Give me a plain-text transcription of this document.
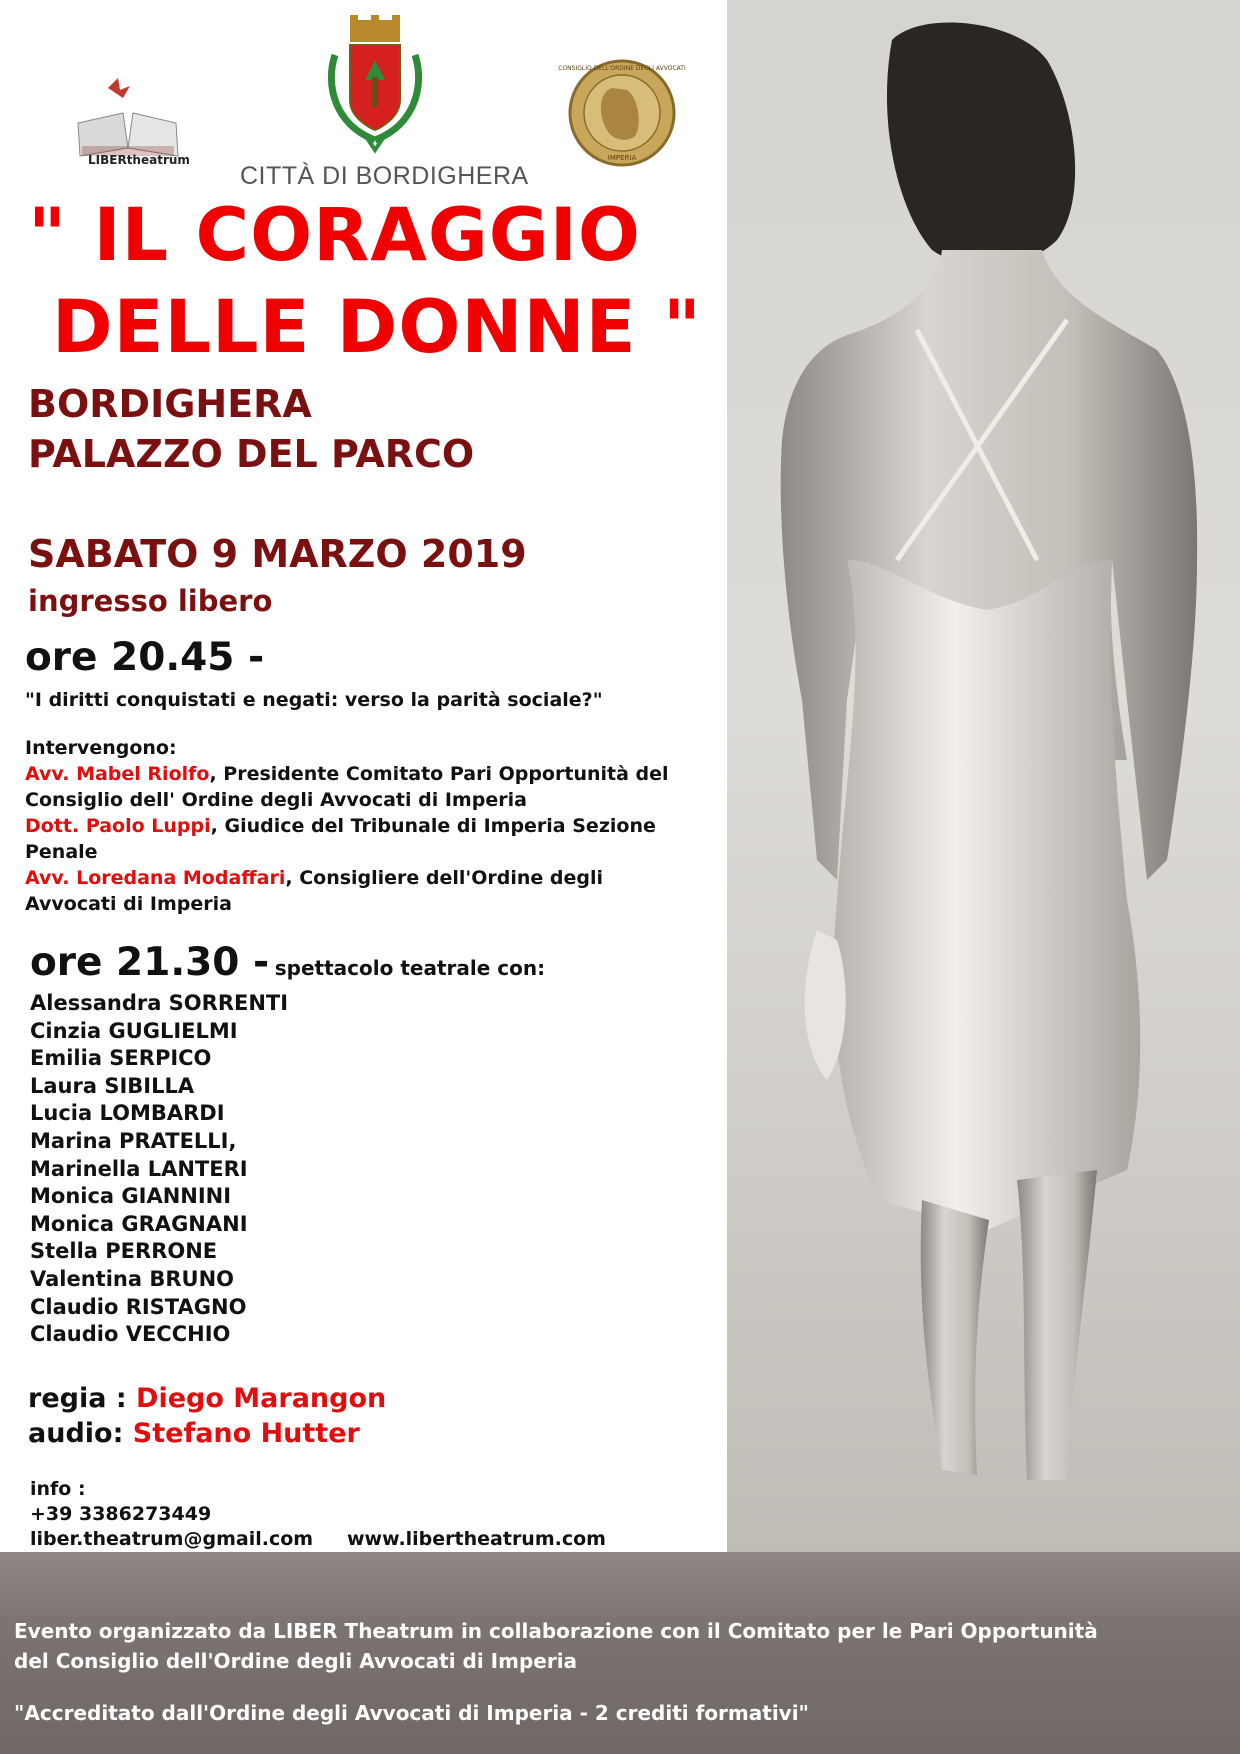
LIBERtheatrum
CITTÀ DI BORDIGHERA
CONSIGLIO DELL'ORDINE DEGLI AVVOCATI
IMPERIA
" IL CORAGGIO
DELLE DONNE "
BORDIGHERA
PALAZZO DEL PARCO
SABATO 9 MARZO 2019
ingresso libero
ore 20.45 -
"I diritti conquistati e negati: verso la parità sociale?"
Intervengono:
Avv. Mabel Riolfo, Presidente Comitato Pari Opportunità del
Consiglio dell' Ordine degli Avvocati di Imperia
Dott. Paolo Luppi, Giudice del Tribunale di Imperia Sezione
Penale
Avv. Loredana Modaffari, Consigliere dell'Ordine degli
Avvocati di Imperia
ore 21.30 - spettacolo teatrale con:
Alessandra SORRENTI
Cinzia GUGLIELMI
Emilia SERPICO
Laura SIBILLA
Lucia LOMBARDI
Marina PRATELLI,
Marinella LANTERI
Monica GIANNINI
Monica GRAGNANI
Stella PERRONE
Valentina BRUNO
Claudio RISTAGNO
Claudio VECCHIO
regia : Diego Marangon
audio: Stefano Hutter
info :
+39 3386273449
liber.theatrum@gmail.com www.libertheatrum.com
Evento organizzato da LIBER Theatrum in collaborazione con il Comitato per le Pari Opportunità
del Consiglio dell'Ordine degli Avvocati di Imperia
"Accreditato dall'Ordine degli Avvocati di Imperia - 2 crediti formativi"
